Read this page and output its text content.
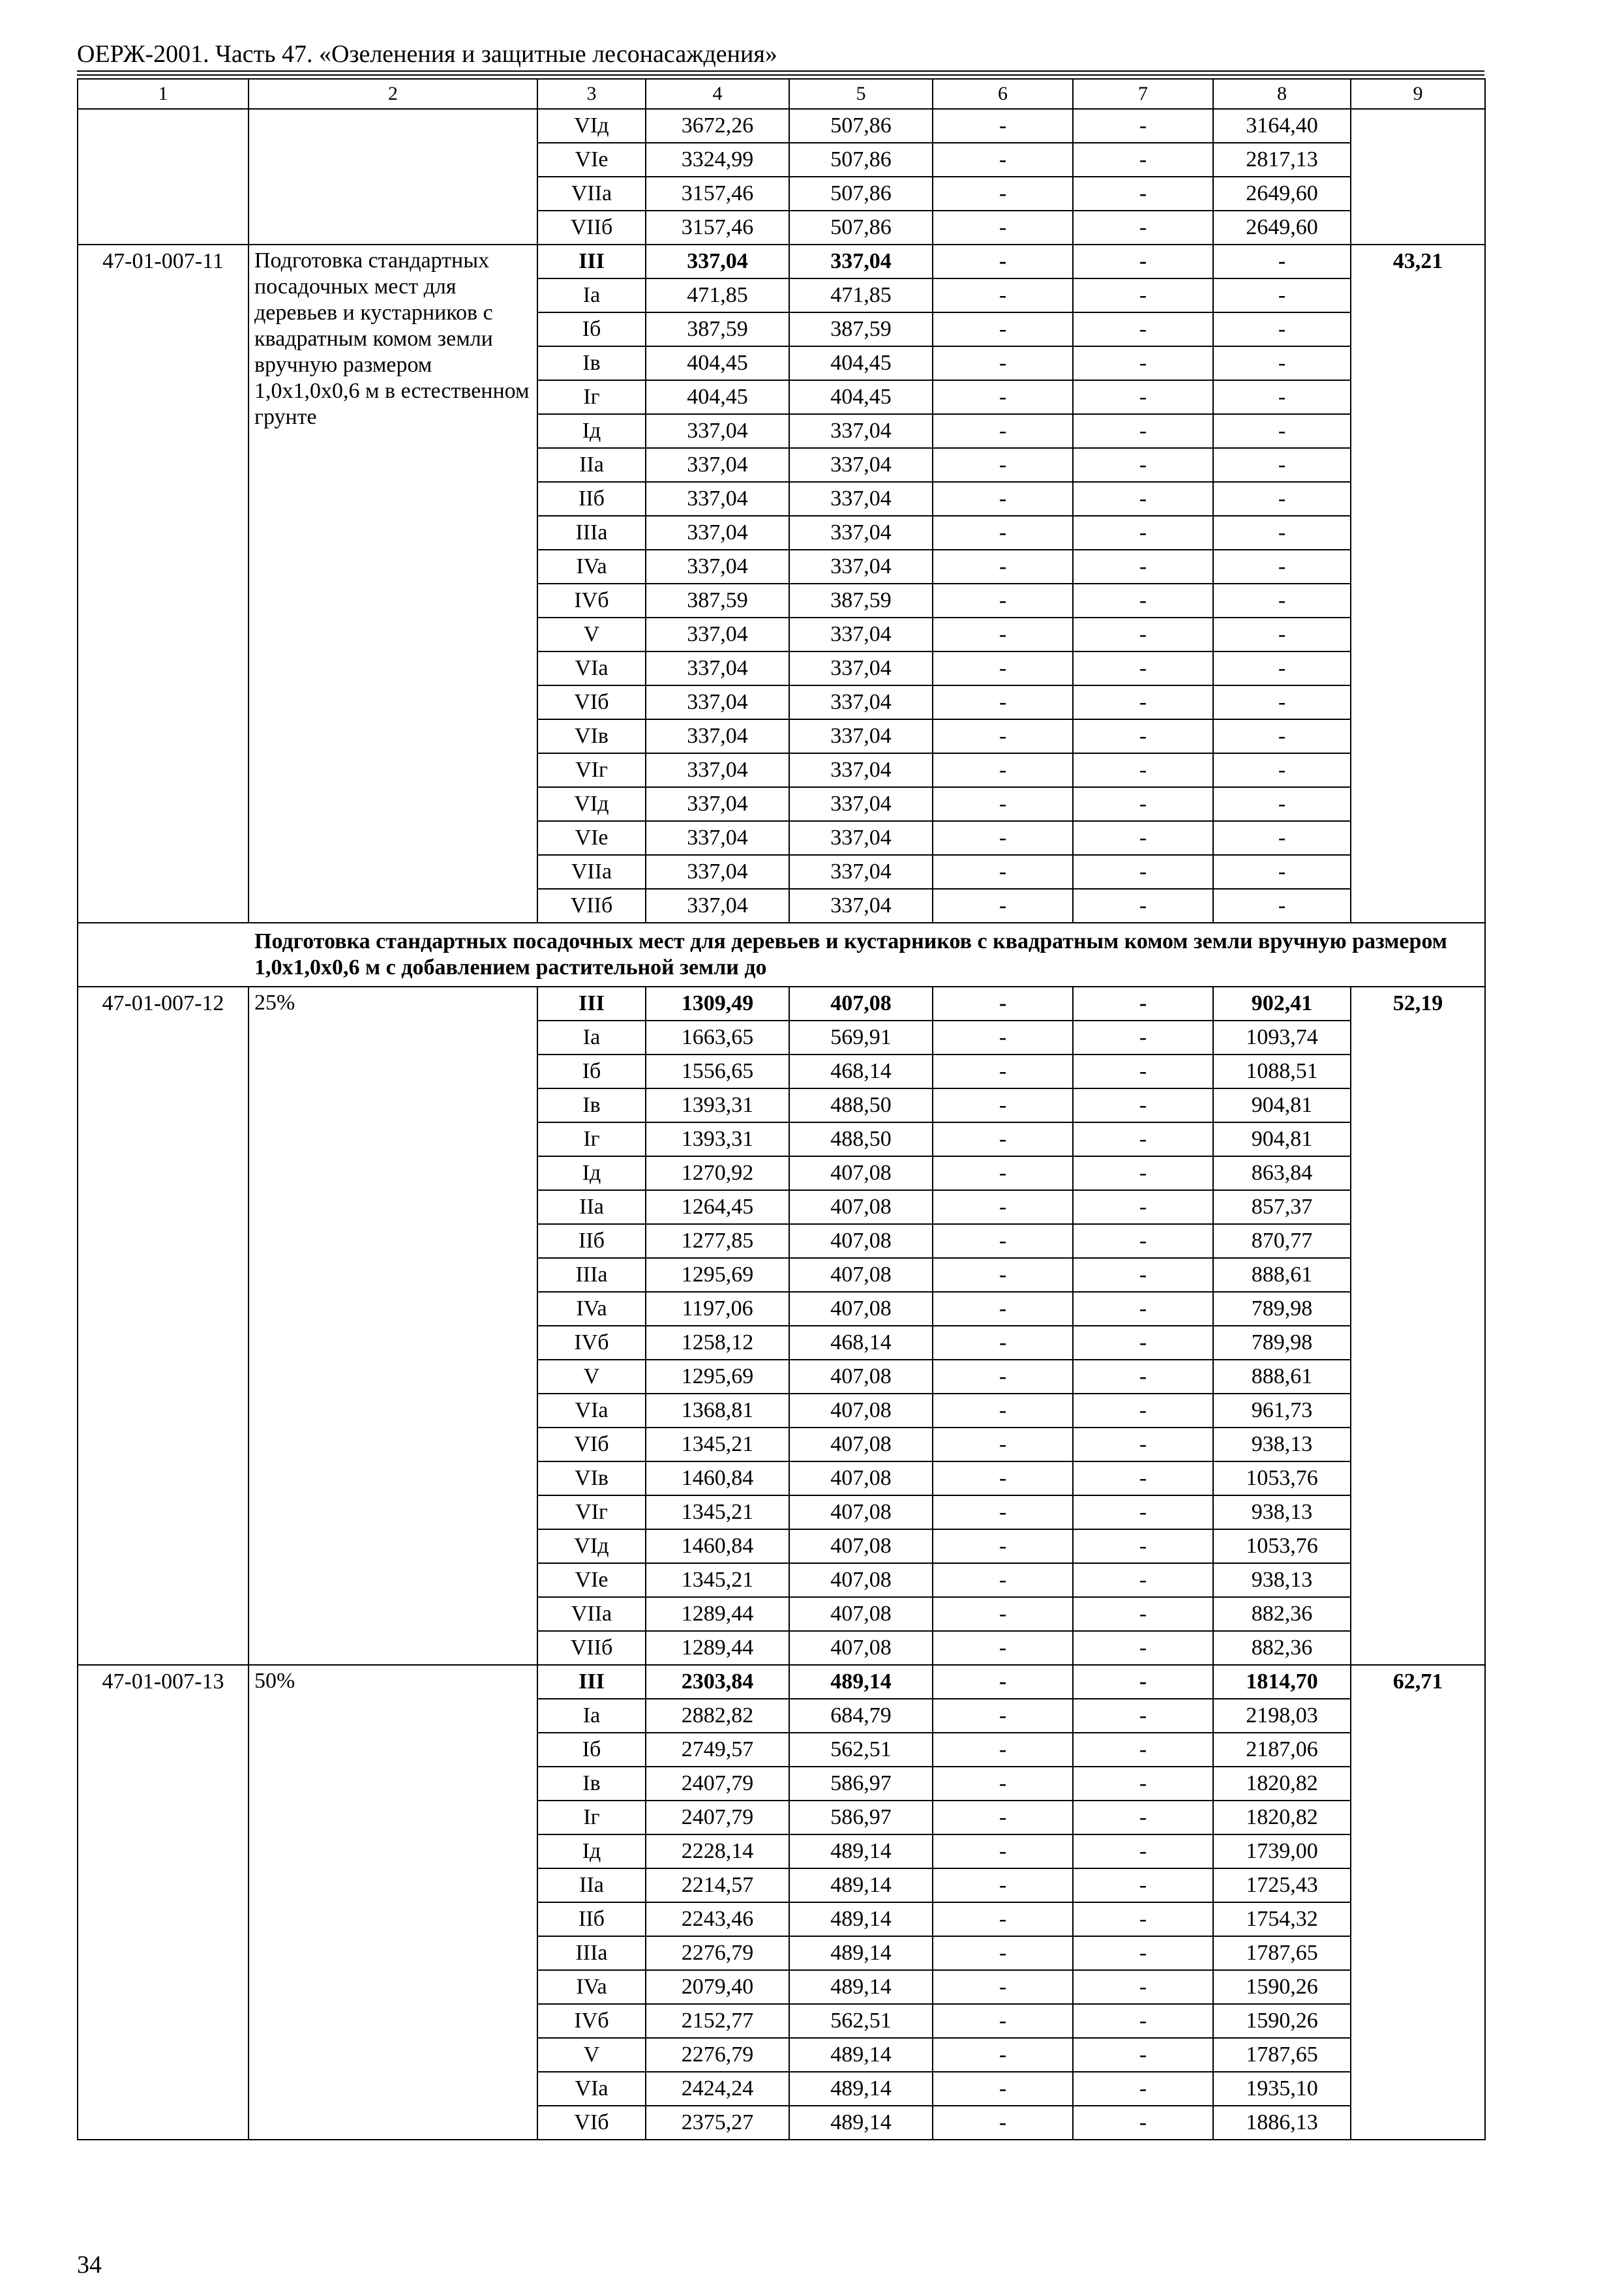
ОЕРЖ-2001. Часть 47. «Озеленения и защитные лесонасаждения»
1	2	3	4	5	6	7	8	9
		VIд	3672,26	507,86	-	-	3164,40	
		VIe	3324,99	507,86	-	-	2817,13	
		VIIa	3157,46	507,86	-	-	2649,60	
		VIIб	3157,46	507,86	-	-	2649,60	
47-01-007-11	Подготовка стандартных посадочных мест для деревьев и кустарников с квадратным комом земли вручную размером 1,0х1,0х0,6 м в естественном грунте	III	337,04	337,04	-	-	-	43,21
		Ia	471,85	471,85	-	-	-	
		Iб	387,59	387,59	-	-	-	
		Iв	404,45	404,45	-	-	-	
		Iг	404,45	404,45	-	-	-	
		Iд	337,04	337,04	-	-	-	
		IIa	337,04	337,04	-	-	-	
		IIб	337,04	337,04	-	-	-	
		IIIa	337,04	337,04	-	-	-	
		IVa	337,04	337,04	-	-	-	
		IVб	387,59	387,59	-	-	-	
		V	337,04	337,04	-	-	-	
		VIa	337,04	337,04	-	-	-	
		VIб	337,04	337,04	-	-	-	
		VIв	337,04	337,04	-	-	-	
		VIг	337,04	337,04	-	-	-	
		VIд	337,04	337,04	-	-	-	
		VIe	337,04	337,04	-	-	-	
		VIIa	337,04	337,04	-	-	-	
		VIIб	337,04	337,04	-	-	-	
Подготовка стандартных посадочных мест для деревьев и кустарников с квадратным комом земли вручную размером 1,0х1,0х0,6 м с добавлением растительной земли до								
47-01-007-12	25%	III	1309,49	407,08	-	-	902,41	52,19
		Ia	1663,65	569,91	-	-	1093,74	
		Iб	1556,65	468,14	-	-	1088,51	
		Iв	1393,31	488,50	-	-	904,81	
		Iг	1393,31	488,50	-	-	904,81	
		Iд	1270,92	407,08	-	-	863,84	
		IIa	1264,45	407,08	-	-	857,37	
		IIб	1277,85	407,08	-	-	870,77	
		IIIa	1295,69	407,08	-	-	888,61	
		IVa	1197,06	407,08	-	-	789,98	
		IVб	1258,12	468,14	-	-	789,98	
		V	1295,69	407,08	-	-	888,61	
		VIa	1368,81	407,08	-	-	961,73	
		VIб	1345,21	407,08	-	-	938,13	
		VIв	1460,84	407,08	-	-	1053,76	
		VIг	1345,21	407,08	-	-	938,13	
		VIд	1460,84	407,08	-	-	1053,76	
		VIe	1345,21	407,08	-	-	938,13	
		VIIa	1289,44	407,08	-	-	882,36	
		VIIб	1289,44	407,08	-	-	882,36	
47-01-007-13	50%	III	2303,84	489,14	-	-	1814,70	62,71
		Ia	2882,82	684,79	-	-	2198,03	
		Iб	2749,57	562,51	-	-	2187,06	
		Iв	2407,79	586,97	-	-	1820,82	
		Iг	2407,79	586,97	-	-	1820,82	
		Iд	2228,14	489,14	-	-	1739,00	
		IIa	2214,57	489,14	-	-	1725,43	
		IIб	2243,46	489,14	-	-	1754,32	
		IIIa	2276,79	489,14	-	-	1787,65	
		IVa	2079,40	489,14	-	-	1590,26	
		IVб	2152,77	562,51	-	-	1590,26	
		V	2276,79	489,14	-	-	1787,65	
		VIa	2424,24	489,14	-	-	1935,10	
		VIб	2375,27	489,14	-	-	1886,13	
34
